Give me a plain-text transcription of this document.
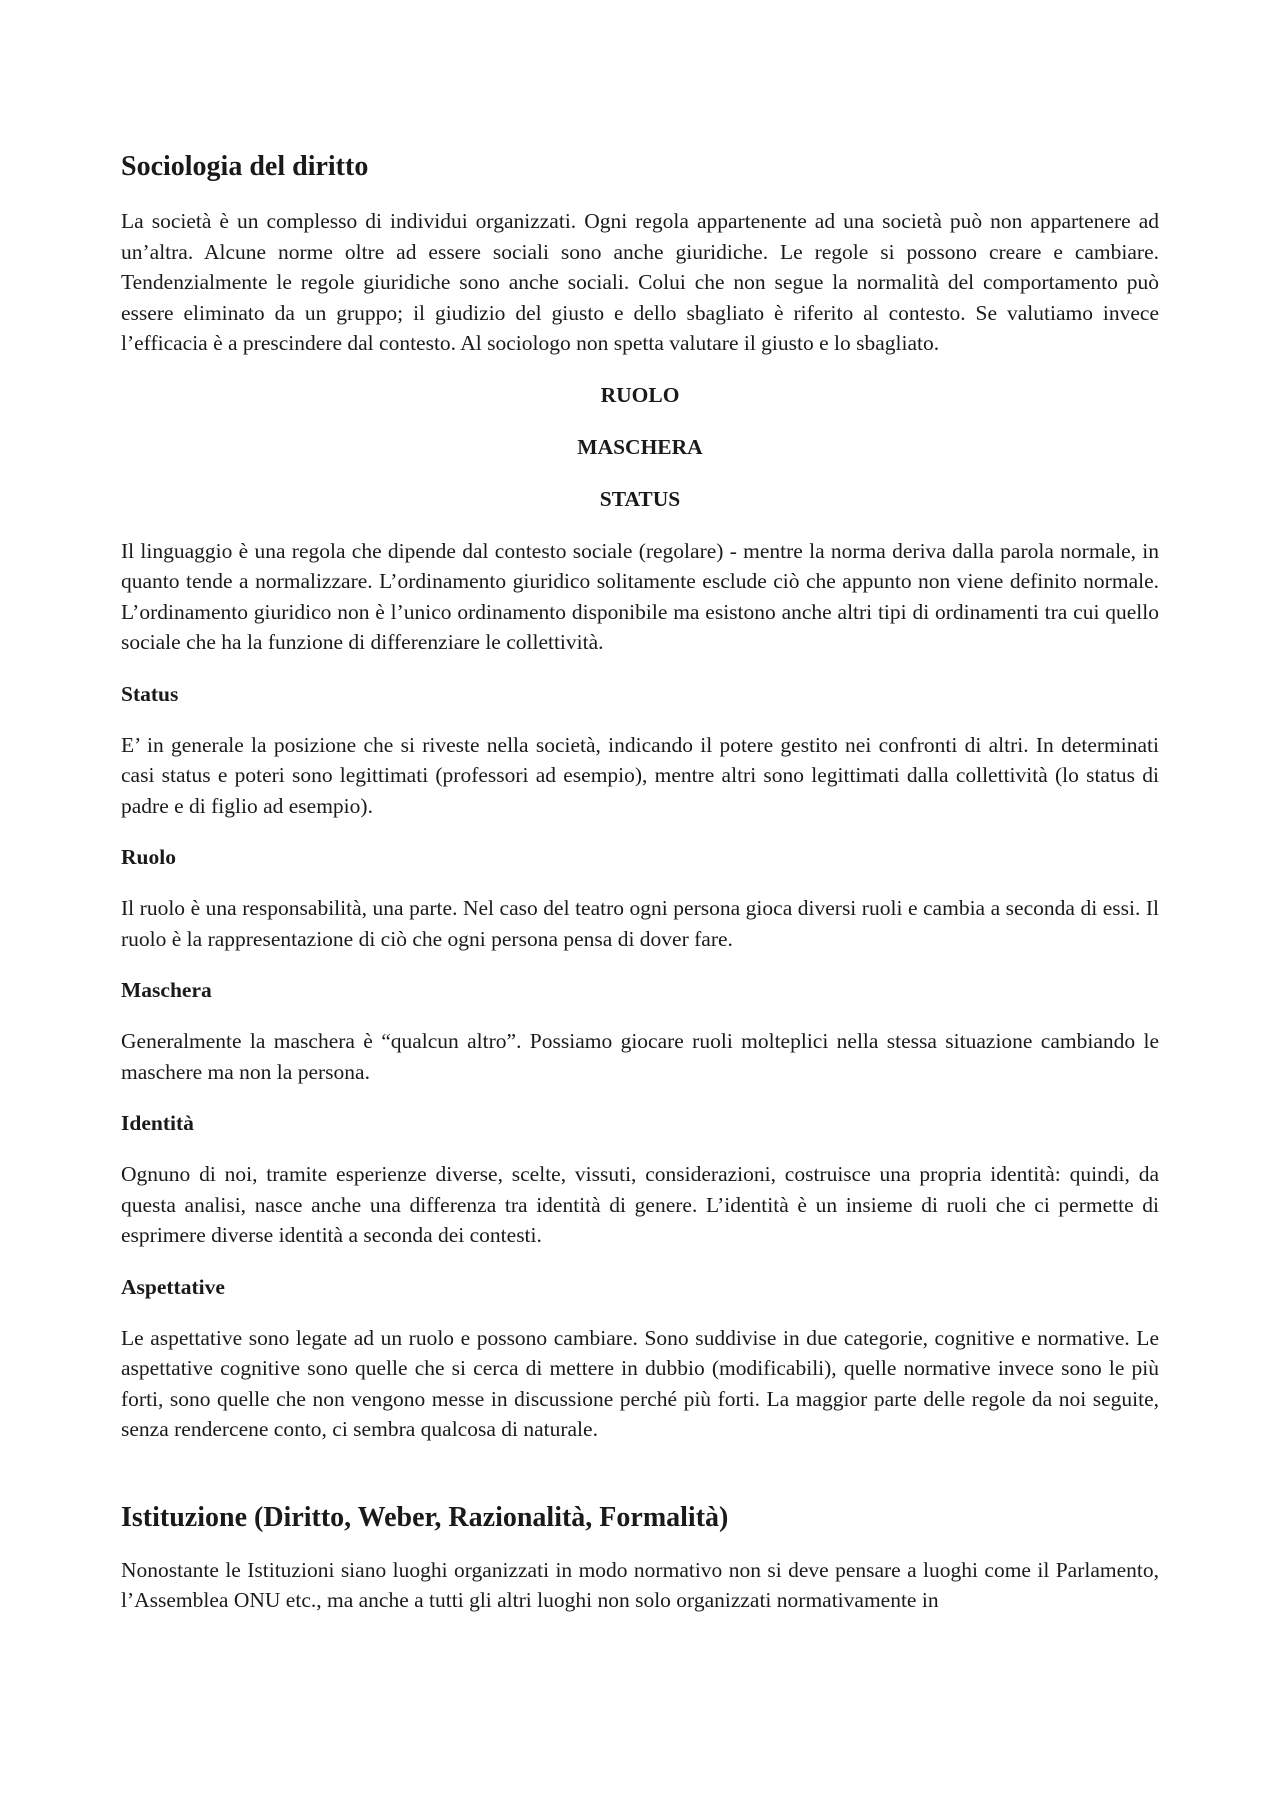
Sociologia del diritto

La società è un complesso di individui organizzati. Ogni regola appartenente ad una società può non appartenere ad un’altra. Alcune norme oltre ad essere sociali sono anche giuridiche. Le regole si possono creare e cambiare. Tendenzialmente le regole giuridiche sono anche sociali. Colui che non segue la normalità del comportamento può essere eliminato da un gruppo; il giudizio del giusto e dello sbagliato è riferito al contesto. Se valutiamo invece l’efficacia è a prescindere dal contesto. Al sociologo non spetta valutare il giusto e lo sbagliato.

RUOLO
MASCHERA
STATUS

Il linguaggio è una regola che dipende dal contesto sociale (regolare) - mentre la norma deriva dalla parola normale, in quanto tende a normalizzare. L’ordinamento giuridico solitamente esclude ciò che appunto non viene definito normale. L’ordinamento giuridico non è l’unico ordinamento disponibile ma esistono anche altri tipi di ordinamenti tra cui quello sociale che ha la funzione di differenziare le collettività.

Status

E’ in generale la posizione che si riveste nella società, indicando il potere gestito nei confronti di altri. In determinati casi status e poteri sono legittimati (professori ad esempio), mentre altri sono legittimati dalla collettività (lo status di padre e di figlio ad esempio).

Ruolo

Il ruolo è una responsabilità, una parte. Nel caso del teatro ogni persona gioca diversi ruoli e cambia a seconda di essi. Il ruolo è la rappresentazione di ciò che ogni persona pensa di dover fare.

Maschera

Generalmente la maschera è “qualcun altro”. Possiamo giocare ruoli molteplici nella stessa situazione cambiando le maschere ma non la persona.

Identità

Ognuno di noi, tramite esperienze diverse, scelte, vissuti, considerazioni, costruisce una propria identità: quindi, da questa analisi, nasce anche una differenza tra identità di genere. L’identità è un insieme di ruoli che ci permette di esprimere diverse identità a seconda dei contesti.

Aspettative

Le aspettative sono legate ad un ruolo e possono cambiare. Sono suddivise in due categorie, cognitive e normative. Le aspettative cognitive sono quelle che si cerca di mettere in dubbio (modificabili), quelle normative invece sono le più forti, sono quelle che non vengono messe in discussione perché più forti. La maggior parte delle regole da noi seguite, senza rendercene conto, ci sembra qualcosa di naturale.

Istituzione (Diritto, Weber, Razionalità, Formalità)

Nonostante le Istituzioni siano luoghi organizzati in modo normativo non si deve pensare a luoghi come il Parlamento, l’Assemblea ONU etc., ma anche a tutti gli altri luoghi non solo organizzati normativamente in
